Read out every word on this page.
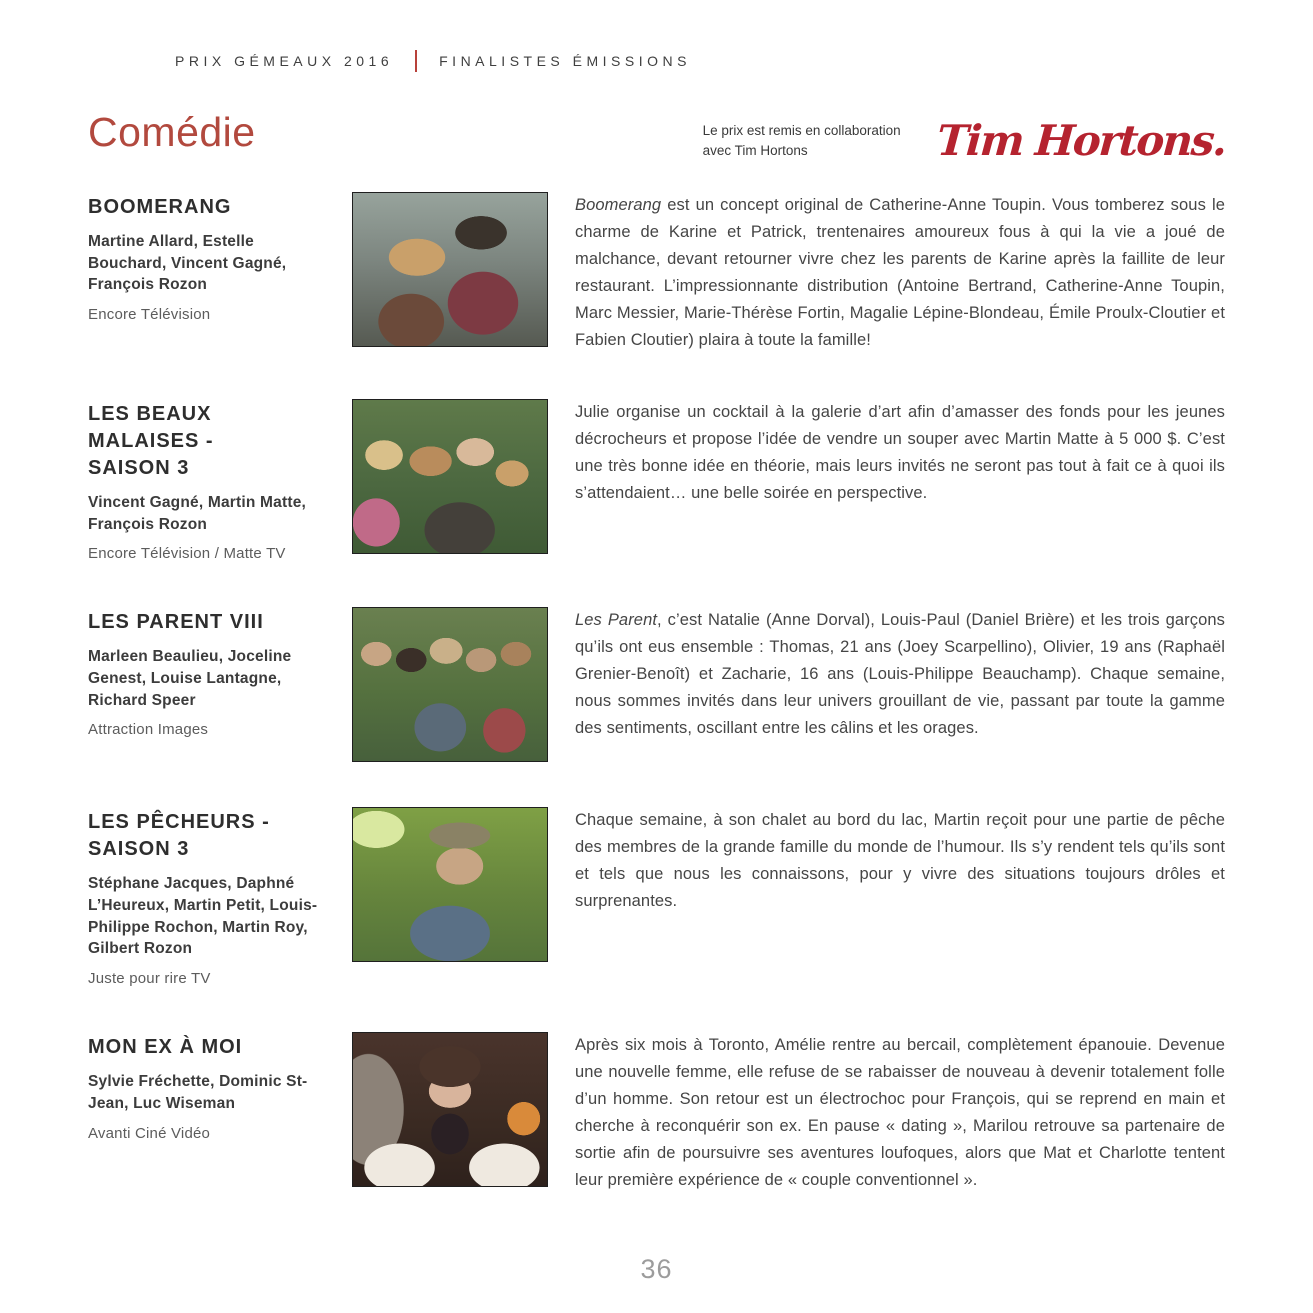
PRIX GÉMEAUX 2016	FINALISTES ÉMISSIONS
Comédie	Le prix est remis en collaboration
avec Tim Hortons	Tim Hortons.
BOOMERANG
Martine Allard, Estelle Bouchard, Vincent Gagné, François Rozon
Encore Télévision
Boomerang est un concept original de Catherine-Anne Toupin. Vous tomberez sous le charme de Karine et Patrick, trentenaires amoureux fous à qui la vie a joué de malchance, devant retourner vivre chez les parents de Karine après la faillite de leur restaurant. L’impressionnante distribution (Antoine Bertrand, Catherine-Anne Toupin, Marc Messier, Marie-Thérèse Fortin, Magalie Lépine-Blondeau, Émile Proulx-Cloutier et Fabien Cloutier) plaira à toute la famille!
LES BEAUX MALAISES - SAISON 3
Vincent Gagné, Martin Matte, François Rozon
Encore Télévision / Matte TV
Julie organise un cocktail à la galerie d’art afin d’amasser des fonds pour les jeunes décrocheurs et propose l’idée de vendre un souper avec Martin Matte à 5 000 $. C’est une très bonne idée en théorie, mais leurs invités ne seront pas tout à fait ce à quoi ils s’attendaient… une belle soirée en perspective.
LES PARENT VIII
Marleen Beaulieu, Joceline Genest, Louise Lantagne, Richard Speer
Attraction Images
Les Parent, c’est Natalie (Anne Dorval), Louis-Paul (Daniel Brière) et les trois garçons qu’ils ont eus ensemble : Thomas, 21 ans (Joey Scarpellino), Olivier, 19 ans (Raphaël Grenier-Benoît) et Zacharie, 16 ans (Louis-Philippe Beauchamp). Chaque semaine, nous sommes invités dans leur univers grouillant de vie, passant par toute la gamme des sentiments, oscillant entre les câlins et les orages.
LES PÊCHEURS - SAISON 3
Stéphane Jacques, Daphné L’Heureux, Martin Petit, Louis-Philippe Rochon, Martin Roy, Gilbert Rozon
Juste pour rire TV
Chaque semaine, à son chalet au bord du lac, Martin reçoit pour une partie de pêche des membres de la grande famille du monde de l’humour. Ils s’y rendent tels qu’ils sont et tels que nous les connaissons, pour y vivre des situations toujours drôles et surprenantes.
MON EX À MOI
Sylvie Fréchette, Dominic St-Jean, Luc Wiseman
Avanti Ciné Vidéo
Après six mois à Toronto, Amélie rentre au bercail, complètement épanouie. Devenue une nouvelle femme, elle refuse de se rabaisser de nouveau à devenir totalement folle d’un homme. Son retour est un électrochoc pour François, qui se reprend en main et cherche à reconquérir son ex. En pause « dating », Marilou retrouve sa partenaire de sortie afin de poursuivre ses aventures loufoques, alors que Mat et Charlotte tentent leur première expérience de « couple conventionnel ».
36
